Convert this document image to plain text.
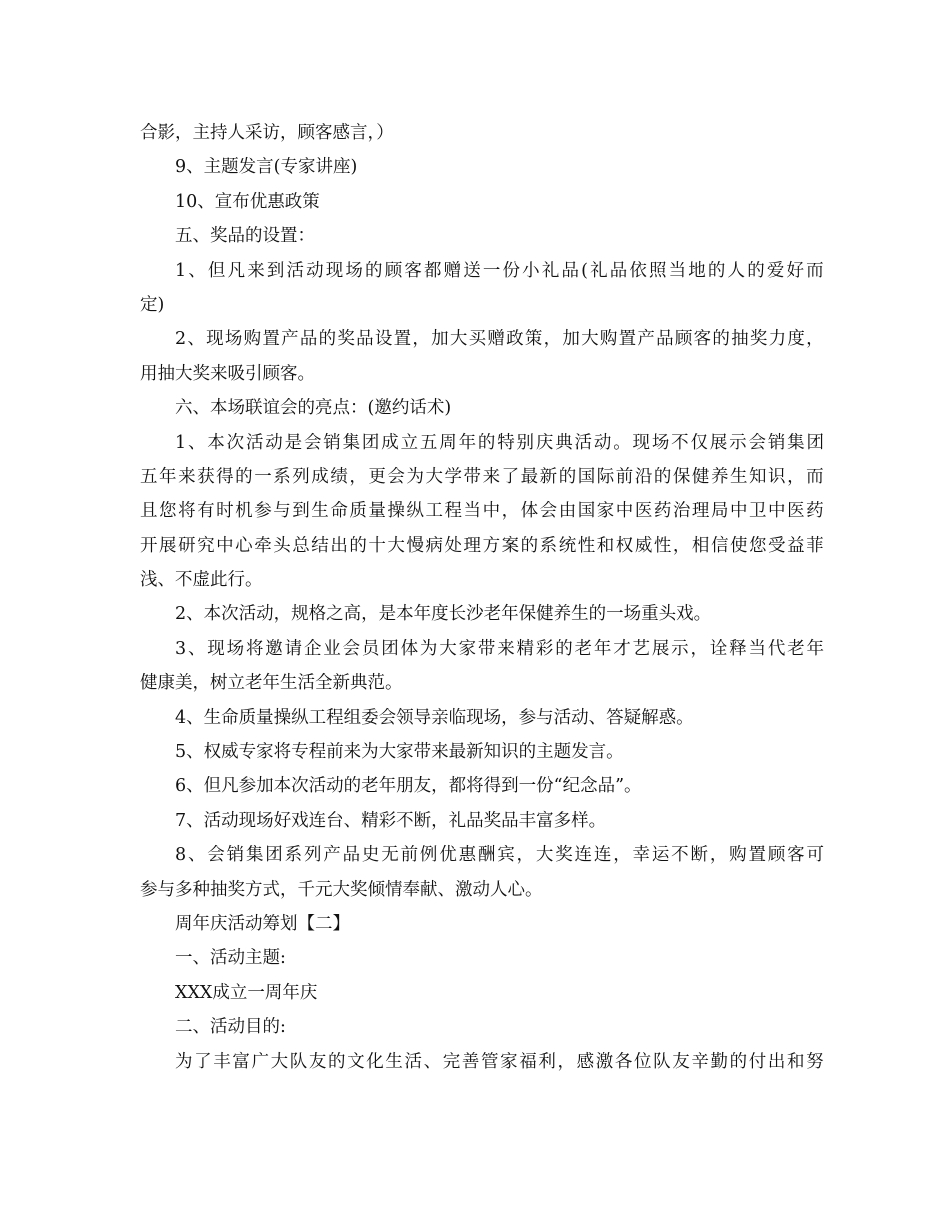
合影，主持人采访，顾客感言，）
9、主题发言(专家讲座)
10、宣布优惠政策
五、奖品的设置：
1 、 但 凡 来 到 活 动 现 场 的 顾 客 都 赠 送 一 份 小 礼 品 ( 礼 品 依 照 当 地 的 人 的 爱 好 而
定)
2 、 现 场 购 置 产 品 的 奖 品 设 置 ， 加 大 买 赠 政 策 ， 加 大 购 置 产 品 顾 客 的 抽 奖 力 度 ，
用抽大奖来吸引顾客。
六、本场联谊会的亮点：(邀约话术)
1 、 本 次 活 动 是 会 销 集 团 成 立 五 周 年 的 特 别 庆 典 活 动 。 现 场 不 仅 展 示 会 销 集 团
五 年 来 获 得 的 一 系 列 成 绩 ， 更 会 为 大 学 带 来 了 最 新 的 国 际 前 沿 的 保 健 养 生 知 识 ， 而
且 您 将 有 时 机 参 与 到 生 命 质 量 操 纵 工 程 当 中 ， 体 会 由 国 家 中 医 药 治 理 局 中 卫 中 医 药
开 展 研 究 中 心 牵 头 总 结 出 的 十 大 慢 病 处 理 方 案 的 系 统 性 和 权 威 性 ， 相 信 使 您 受 益 菲
浅、不虚此行。
2、本次活动，规格之高，是本年度长沙老年保健养生的一场重头戏。
3 、 现 场 将 邀 请 企 业 会 员 团 体 为 大 家 带 来 精 彩 的 老 年 才 艺 展 示 ， 诠 释 当 代 老 年
健康美，树立老年生活全新典范。
4、生命质量操纵工程组委会领导亲临现场，参与活动、答疑解惑。
5、权威专家将专程前来为大家带来最新知识的主题发言。
6、但凡参加本次活动的老年朋友，都将得到一份“纪念品”。
7、活动现场好戏连台、精彩不断，礼品奖品丰富多样。
8 、 会 销 集 团 系 列 产 品 史 无 前 例 优 惠 酬 宾 ， 大 奖 连 连 ， 幸 运 不 断 ， 购 置 顾 客 可
参与多种抽奖方式，千元大奖倾情奉献、激动人心。
周年庆活动筹划【二】
一、活动主题:
XXX成立一周年庆
二、活动目的:
为 了 丰 富 广 大 队 友 的 文 化 生 活 、 完 善 管 家 福 利 ， 感 激 各 位 队 友 辛 勤 的 付 出 和 努
